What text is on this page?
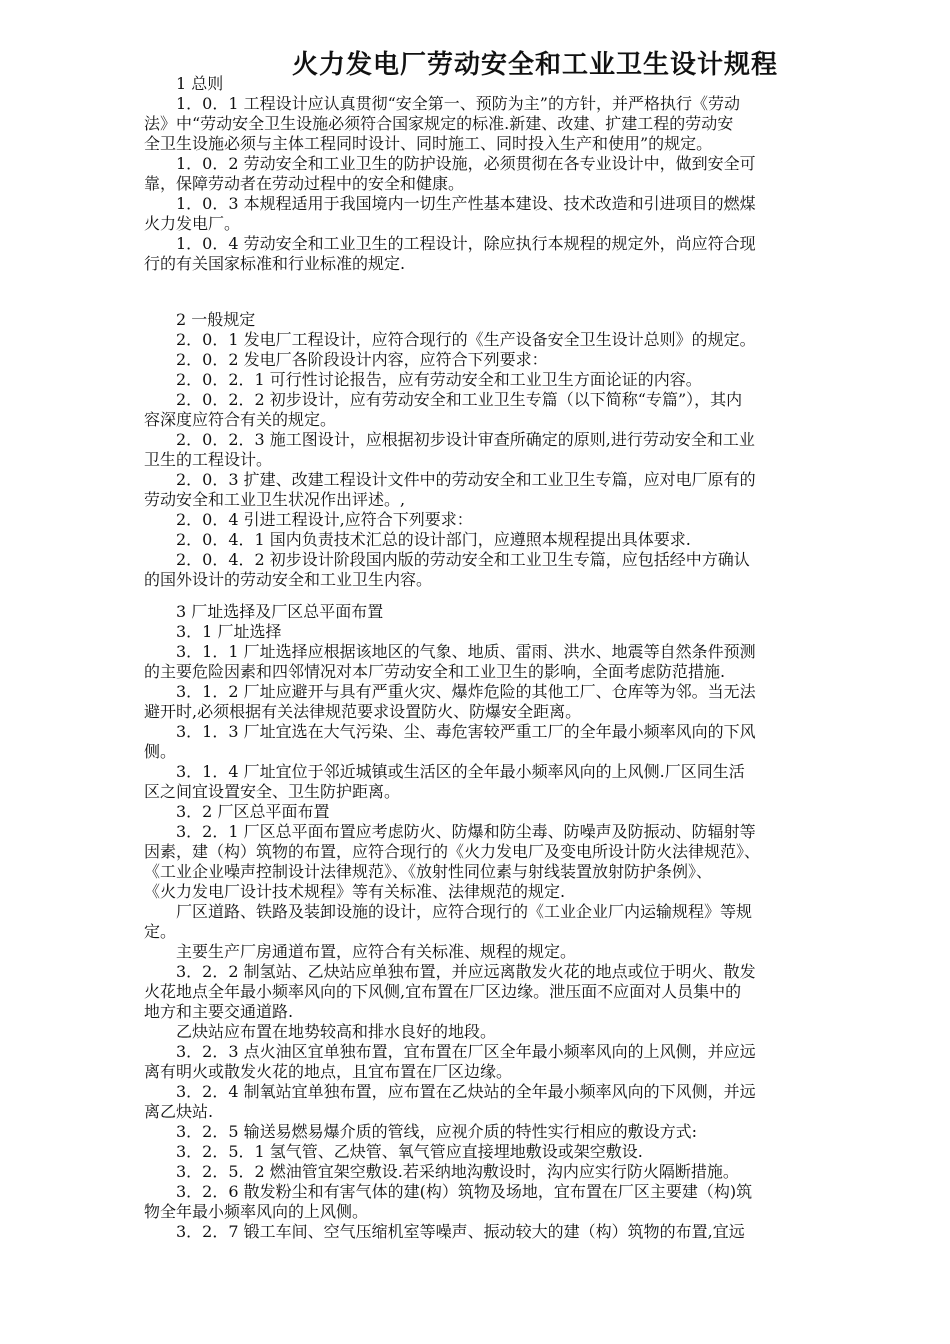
火力发电厂劳动安全和工业卫生设计规程
　　1 总则
　　1．0．1 工程设计应认真贯彻“安全第一、预防为主”的方针，并严格执行《劳动
法》中“劳动安全卫生设施必须符合国家规定的标准.新建、改建、扩建工程的劳动安
全卫生设施必须与主体工程同时设计、同时施工、同时投入生产和使用”的规定。
　　1．0．2 劳动安全和工业卫生的防护设施，必须贯彻在各专业设计中，做到安全可
靠，保障劳动者在劳动过程中的安全和健康。
　　1．0．3 本规程适用于我国境内一切生产性基本建设、技术改造和引进项目的燃煤
火力发电厂。
　　1．0．4 劳动安全和工业卫生的工程设计，除应执行本规程的规定外，尚应符合现
行的有关国家标准和行业标准的规定.
　　2 一般规定
　　2．0．1 发电厂工程设计，应符合现行的《生产设备安全卫生设计总则》的规定。
　　2．0．2 发电厂各阶段设计内容，应符合下列要求：
　　2．0．2．1 可行性讨论报告，应有劳动安全和工业卫生方面论证的内容。
　　2．0．2．2 初步设计，应有劳动安全和工业卫生专篇（以下简称“专篇”），其内
容深度应符合有关的规定。
　　2．0．2．3 施工图设计，应根据初步设计审查所确定的原则,进行劳动安全和工业
卫生的工程设计。
　　2．0．3 扩建、改建工程设计文件中的劳动安全和工业卫生专篇，应对电厂原有的
劳动安全和工业卫生状况作出评述。,
　　2．0．4 引进工程设计,应符合下列要求：
　　2．0．4．1 国内负责技术汇总的设计部门，应遵照本规程提出具体要求.
　　2．0．4．2 初步设计阶段国内版的劳动安全和工业卫生专篇，应包括经中方确认
的国外设计的劳动安全和工业卫生内容。
　　3 厂址选择及厂区总平面布置
　　3．1 厂址选择
　　3．1．1 厂址选择应根据该地区的气象、地质、雷雨、洪水、地震等自然条件预测
的主要危险因素和四邻情况对本厂劳动安全和工业卫生的影响，全面考虑防范措施.
　　3．1．2 厂址应避开与具有严重火灾、爆炸危险的其他工厂、仓库等为邻。当无法
避开时,必须根据有关法律规范要求设置防火、防爆安全距离。
　　3．1．3 厂址宜选在大气污染、尘、毒危害较严重工厂的全年最小频率风向的下风
侧。
　　3．1．4 厂址宜位于邻近城镇或生活区的全年最小频率风向的上风侧.厂区同生活
区之间宜设置安全、卫生防护距离。
　　3．2 厂区总平面布置
　　3．2．1 厂区总平面布置应考虑防火、防爆和防尘毒、防噪声及防振动、防辐射等
因素，建（构）筑物的布置，应符合现行的《火力发电厂及变电所设计防火法律规范》、
《工业企业噪声控制设计法律规范》、《放射性同位素与射线装置放射防护条例》、
《火力发电厂设计技术规程》等有关标准、法律规范的规定.
　　厂区道路、铁路及装卸设施的设计，应符合现行的《工业企业厂内运输规程》等规
定。
　　主要生产厂房通道布置，应符合有关标准、规程的规定。
　　3．2．2 制氢站、乙炔站应单独布置，并应远离散发火花的地点或位于明火、散发
火花地点全年最小频率风向的下风侧,宜布置在厂区边缘。泄压面不应面对人员集中的
地方和主要交通道路.
　　乙炔站应布置在地势较高和排水良好的地段。
　　3．2．3 点火油区宜单独布置，宜布置在厂区全年最小频率风向的上风侧，并应远
离有明火或散发火花的地点，且宜布置在厂区边缘。
　　3．2．4 制氧站宜单独布置，应布置在乙炔站的全年最小频率风向的下风侧，并远
离乙炔站.
　　3．2．5 输送易燃易爆介质的管线，应视介质的特性实行相应的敷设方式:
　　3．2．5．1 氢气管、乙炔管、氧气管应直接埋地敷设或架空敷设.
　　3．2．5．2 燃油管宜架空敷设.若采纳地沟敷设时，沟内应实行防火隔断措施。
　　3．2．6 散发粉尘和有害气体的建(构）筑物及场地，宜布置在厂区主要建（构)筑
物全年最小频率风向的上风侧。
　　3．2．7 锻工车间、空气压缩机室等噪声、振动较大的建（构）筑物的布置,宜远
